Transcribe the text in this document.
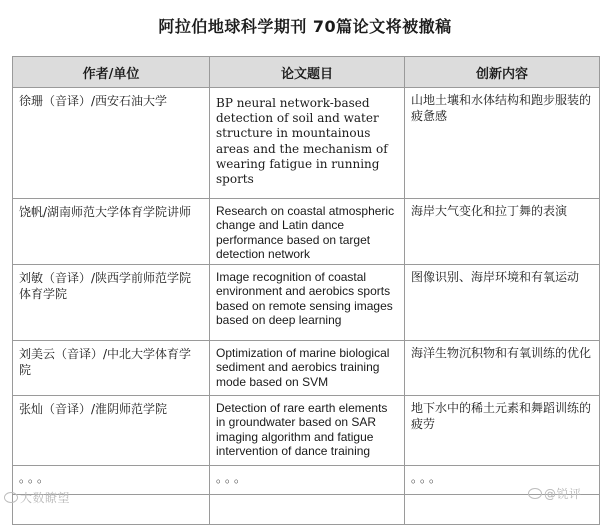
阿拉伯地球科学期刊 70篇论文将被撤稿
作者/单位	论文题目	创新内容
徐珊（音译）/西安石油大学	BP neural network-based detection of soil and water structure in mountainous areas and the mechanism of wearing fatigue in running sports	山地土壤和水体结构和跑步服装的疲惫感
饶帆/湖南师范大学体育学院讲师	Research on coastal atmospheric change and Latin dance performance based on target detection network	海岸大气变化和拉丁舞的表演
刘敏（音译）/陕西学前师范学院体育学院	Image recognition of coastal environment and aerobics sports based on remote sensing images based on deep learning	图像识别、海岸环境和有氧运动
刘美云（音译）/中北大学体育学院	Optimization of marine biological sediment and aerobics training mode based on SVM	海洋生物沉积物和有氧训练的优化
张灿（音译）/淮阴师范学院	Detection of rare earth elements in groundwater based on SAR imaging algorithm and fatigue intervention of dance training	地下水中的稀土元素和舞蹈训练的疲劳
。。。	。。。	。。。

大数瞭望	@锐评
